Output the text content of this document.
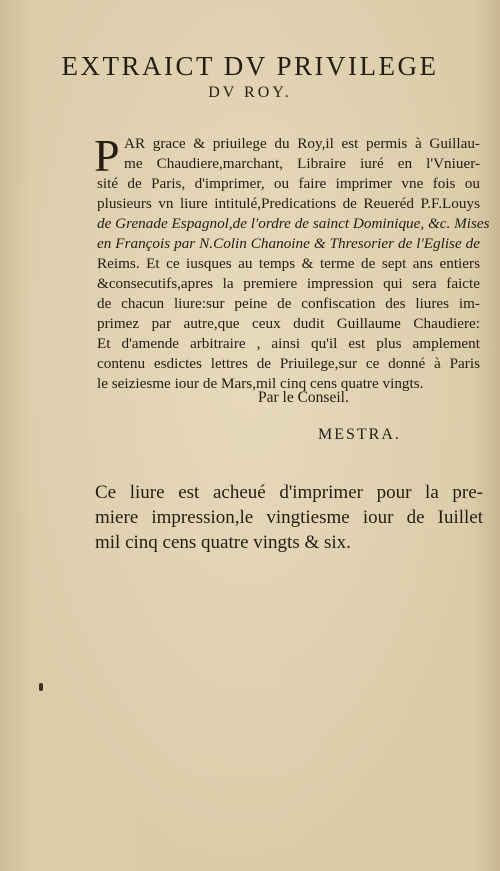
EXTRAICT DV PRIVILEGE
DV ROY.
P AR grace & priuilege du Roy,il est permis à Guillau-
me Chaudiere,marchant, Libraire iuré en l'Vniuer-
sité de Paris, d'imprimer, ou faire imprimer vne fois ou
plusieurs vn liure intitulé,Predications de Reueréd P.F.Louys
de Grenade Espagnol,de l'ordre de sainct Dominique, &c. Mises
en François par N.Colin Chanoine & Thresorier de l'Eglise de
Reims. Et ce iusques au temps & terme de sept ans entiers
&consecutifs,apres la premiere impression qui sera faicte
de chacun liure:sur peine de confiscation des liures im-
primez par autre,que ceux dudit Guillaume Chaudiere:
Et d'amende arbitraire , ainsi qu'il est plus amplement
contenu esdictes lettres de Priuilege,sur ce donné à Paris
le seiziesme iour de Mars,mil cinq cens quatre vingts.
Par le Conseil.
MESTRA.
Ce liure est acheué d'imprimer pour la pre-
miere impression,le vingtiesme iour de Iuillet
mil cinq cens quatre vingts & six.
